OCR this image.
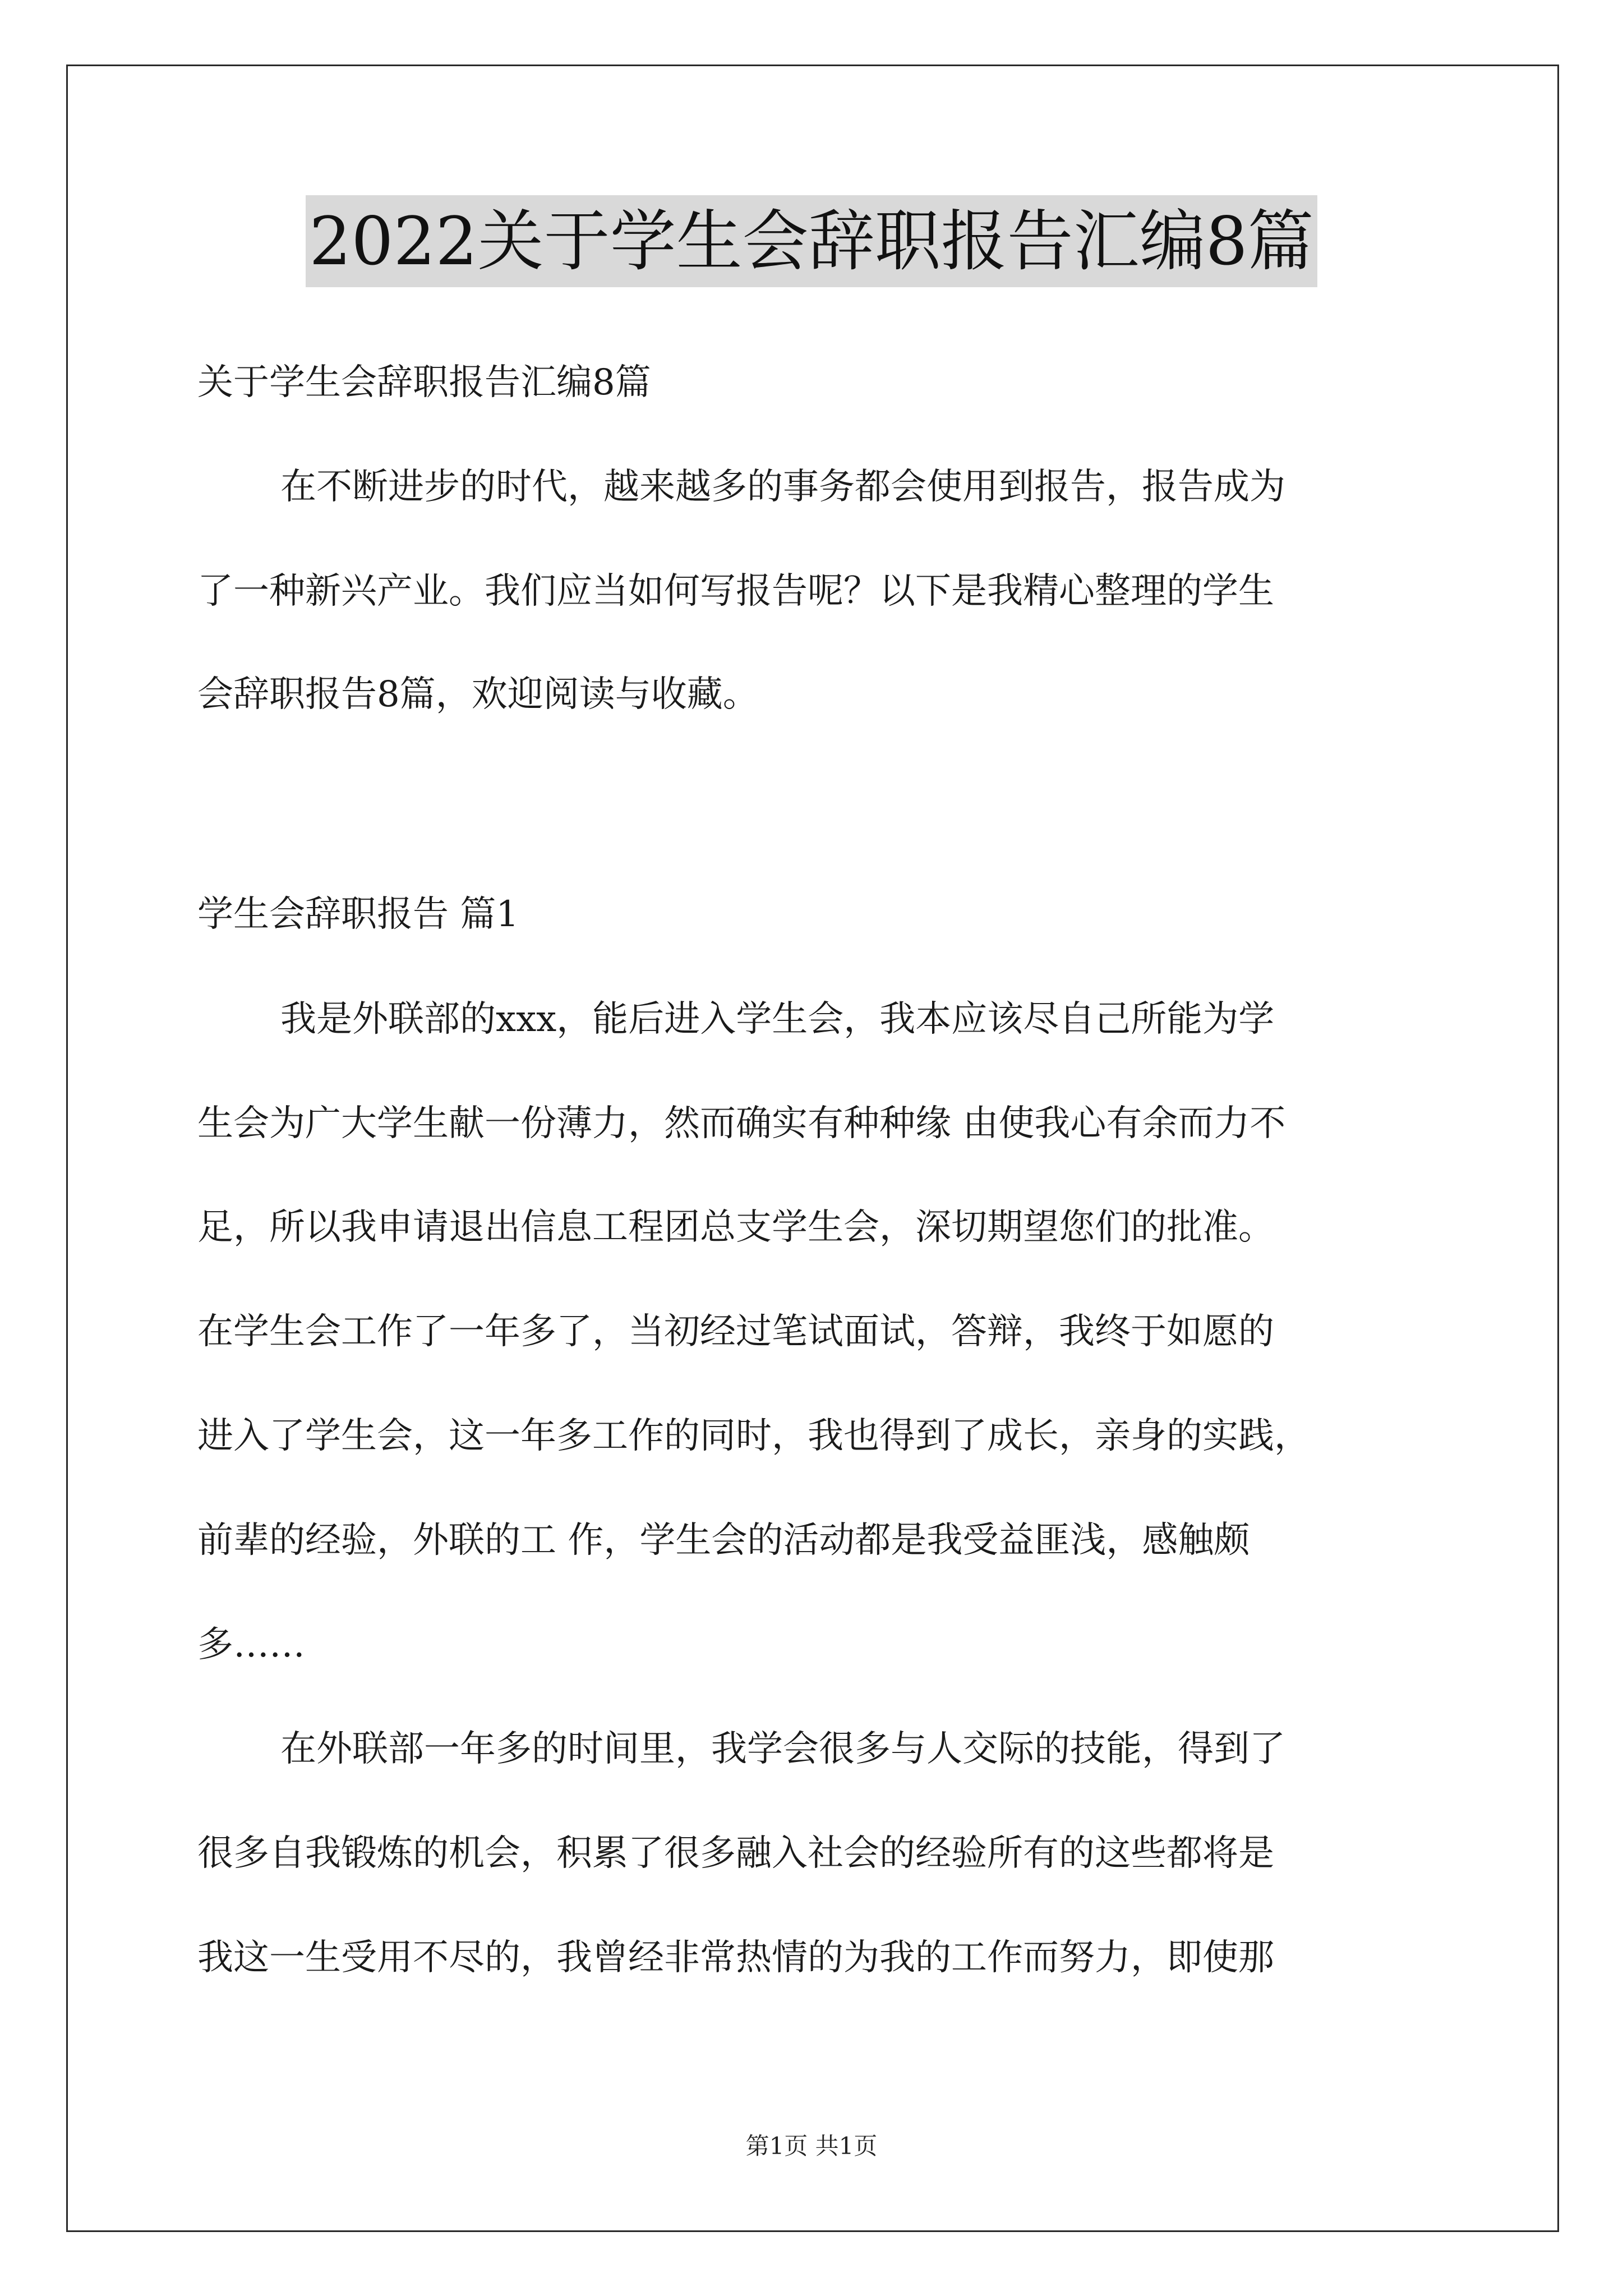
2022关于学生会辞职报告汇编8篇
关于学生会辞职报告汇编8篇
在不断进步的时代，越来越多的事务都会使用到报告，报告成为
了一种新兴产业。我们应当如何写报告呢？以下是我精心整理的学生
会辞职报告8篇，欢迎阅读与收藏。
学生会辞职报告 篇1
我是外联部的xxx，能后进入学生会，我本应该尽自己所能为学
生会为广大学生献一份薄力，然而确实有种种缘 由使我心有余而力不
足，所以我申请退出信息工程团总支学生会，深切期望您们的批准。
在学生会工作了一年多了，当初经过笔试面试，答辩，我终于如愿的
进入了学生会，这一年多工作的同时，我也得到了成长，亲身的实践，
前辈的经验，外联的工 作，学生会的活动都是我受益匪浅，感触颇
多……
在外联部一年多的时间里，我学会很多与人交际的技能，得到了
很多自我锻炼的机会，积累了很多融入社会的经验所有的这些都将是
我这一生受用不尽的，我曾经非常热情的为我的工作而努力，即使那
第1页 共1页
